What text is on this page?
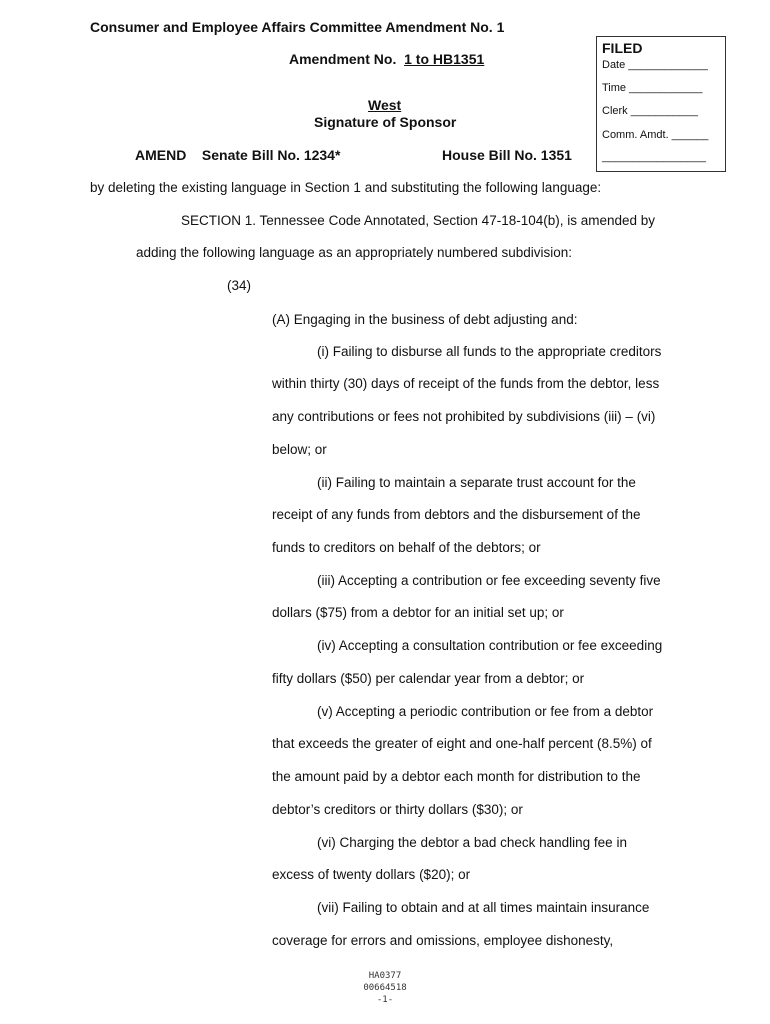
Consumer and Employee Affairs Committee Amendment No. 1
Amendment No. 1 to HB1351
West
Signature of Sponsor
AMEND Senate Bill No. 1234*	House Bill No. 1351
FILED
Date _____________
Time ____________
Clerk ___________
Comm. Amdt. ______
_________________
by deleting the existing language in Section 1 and substituting the following language:
SECTION 1. Tennessee Code Annotated, Section 47-18-104(b), is amended by
adding the following language as an appropriately numbered subdivision:
(34)
(A) Engaging in the business of debt adjusting and:
(i) Failing to disburse all funds to the appropriate creditors
within thirty (30) days of receipt of the funds from the debtor, less
any contributions or fees not prohibited by subdivisions (iii) – (vi)
below; or
(ii) Failing to maintain a separate trust account for the
receipt of any funds from debtors and the disbursement of the
funds to creditors on behalf of the debtors; or
(iii) Accepting a contribution or fee exceeding seventy five
dollars ($75) from a debtor for an initial set up; or
(iv) Accepting a consultation contribution or fee exceeding
fifty dollars ($50) per calendar year from a debtor; or
(v) Accepting a periodic contribution or fee from a debtor
that exceeds the greater of eight and one-half percent (8.5%) of
the amount paid by a debtor each month for distribution to the
debtor’s creditors or thirty dollars ($30); or
(vi) Charging the debtor a bad check handling fee in
excess of twenty dollars ($20); or
(vii) Failing to obtain and at all times maintain insurance
coverage for errors and omissions, employee dishonesty,
HA0377
00664518
-1-
